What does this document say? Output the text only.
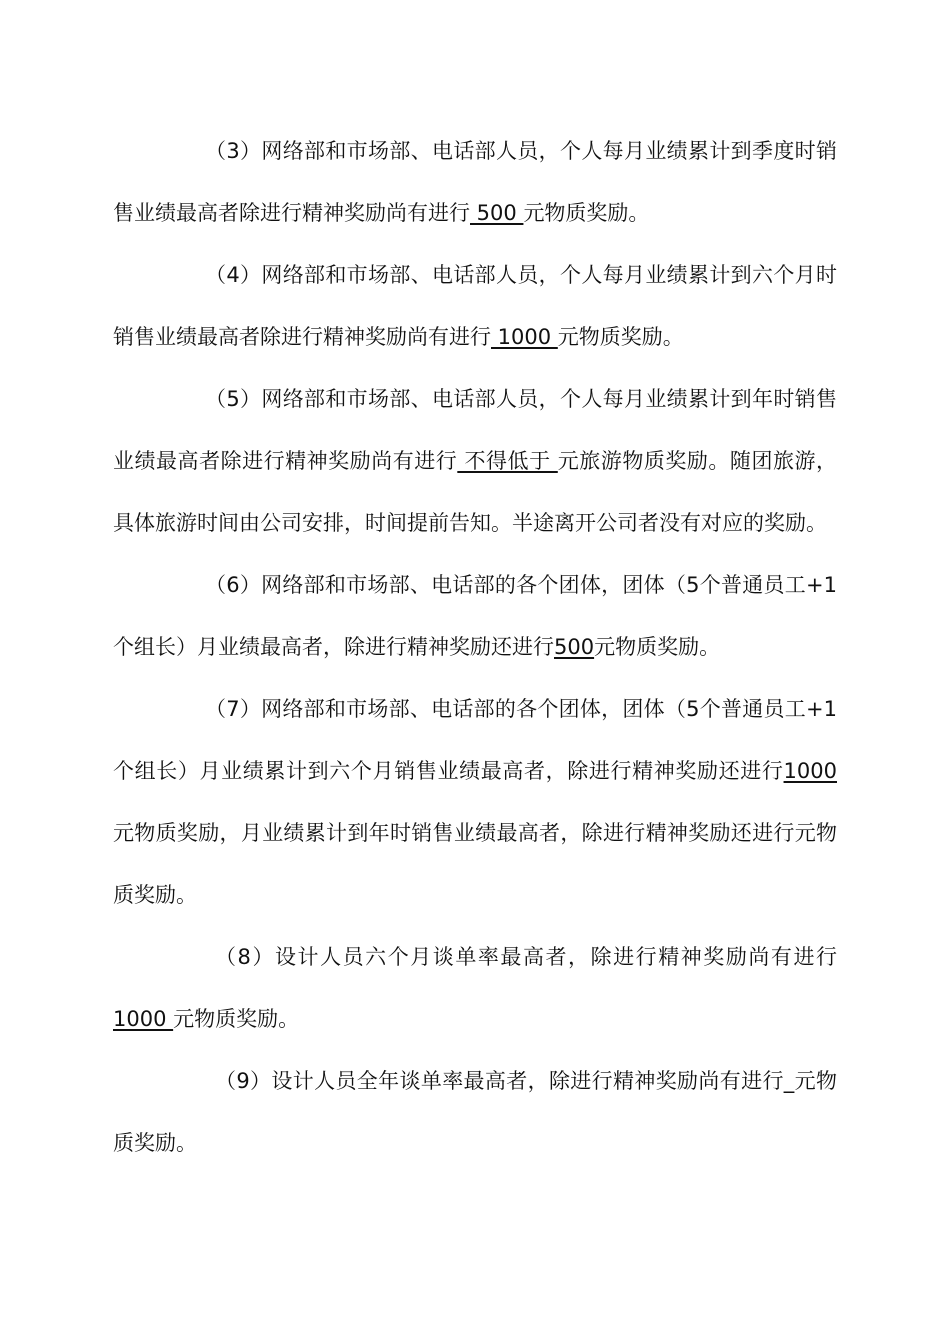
（3）网络部和市场部、电话部人员，个人每月业绩累计到季度时销售业绩最高者除进行精神奖励尚有进行 500 元物质奖励。

（4）网络部和市场部、电话部人员，个人每月业绩累计到六个月时销售业绩最高者除进行精神奖励尚有进行 1000 元物质奖励。

（5）网络部和市场部、电话部人员，个人每月业绩累计到年时销售业绩最高者除进行精神奖励尚有进行 不得低于 元旅游物质奖励。随团旅游，具体旅游时间由公司安排，时间提前告知。半途离开公司者没有对应的奖励。

（6）网络部和市场部、电话部的各个团体，团体（5个普通员工+1个组长）月业绩最高者，除进行精神奖励还进行500元物质奖励。

（7）网络部和市场部、电话部的各个团体，团体（5个普通员工+1个组长）月业绩累计到六个月销售业绩最高者，除进行精神奖励还进行1000元物质奖励，月业绩累计到年时销售业绩最高者，除进行精神奖励还进行元物质奖励。

（8）设计人员六个月谈单率最高者，除进行精神奖励尚有进行1000 元物质奖励。

（9）设计人员全年谈单率最高者，除进行精神奖励尚有进行_元物质奖励。
